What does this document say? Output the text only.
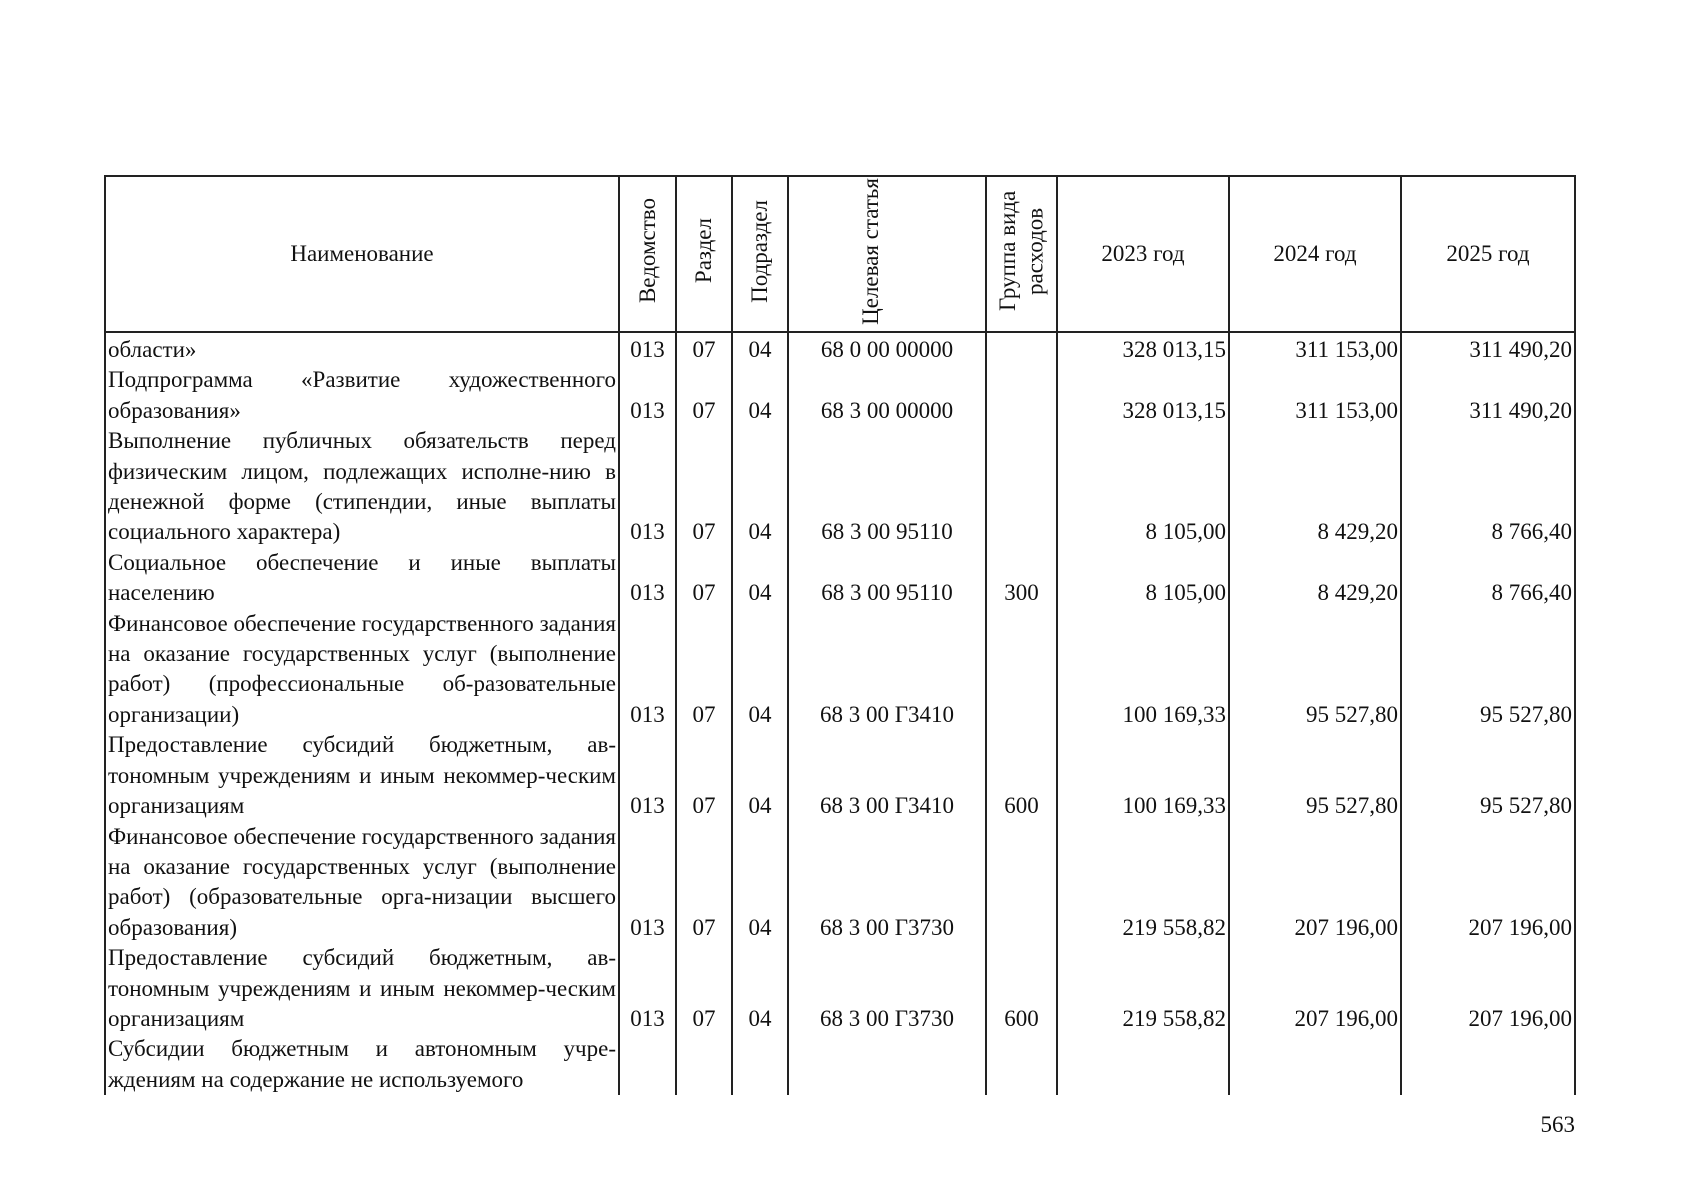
Наименование	Ведомство	Раздел	Подраздел	Целевая статья	Группа вида расходов	2023 год	2024 год	2025 год
области»	013	07	04	68 0 00 00000		328 013,15	311 153,00	311 490,20
Подпрограмма «Развитие художественного образования»	013	07	04	68 3 00 00000		328 013,15	311 153,00	311 490,20
Выполнение публичных обязательств перед физическим лицом, подлежащих исполне-нию в денежной форме (стипендии, иные выплаты социального характера)	013	07	04	68 3 00 95110		8 105,00	8 429,20	8 766,40
Социальное обеспечение и иные выплаты населению	013	07	04	68 3 00 95110	300	8 105,00	8 429,20	8 766,40
Финансовое обеспечение государственного задания на оказание государственных услуг (выполнение работ) (профессиональные об-разовательные организации)	013	07	04	68 3 00 Г3410		100 169,33	95 527,80	95 527,80
Предоставление субсидий бюджетным, ав-тономным учреждениям и иным некоммер-ческим организациям	013	07	04	68 3 00 Г3410	600	100 169,33	95 527,80	95 527,80
Финансовое обеспечение государственного задания на оказание государственных услуг (выполнение работ) (образовательные орга-низации высшего образования)	013	07	04	68 3 00 Г3730		219 558,82	207 196,00	207 196,00
Предоставление субсидий бюджетным, ав-тономным учреждениям и иным некоммер-ческим организациям	013	07	04	68 3 00 Г3730	600	219 558,82	207 196,00	207 196,00
Субсидии бюджетным и автономным учре-ждениям на содержание не используемого								
563
